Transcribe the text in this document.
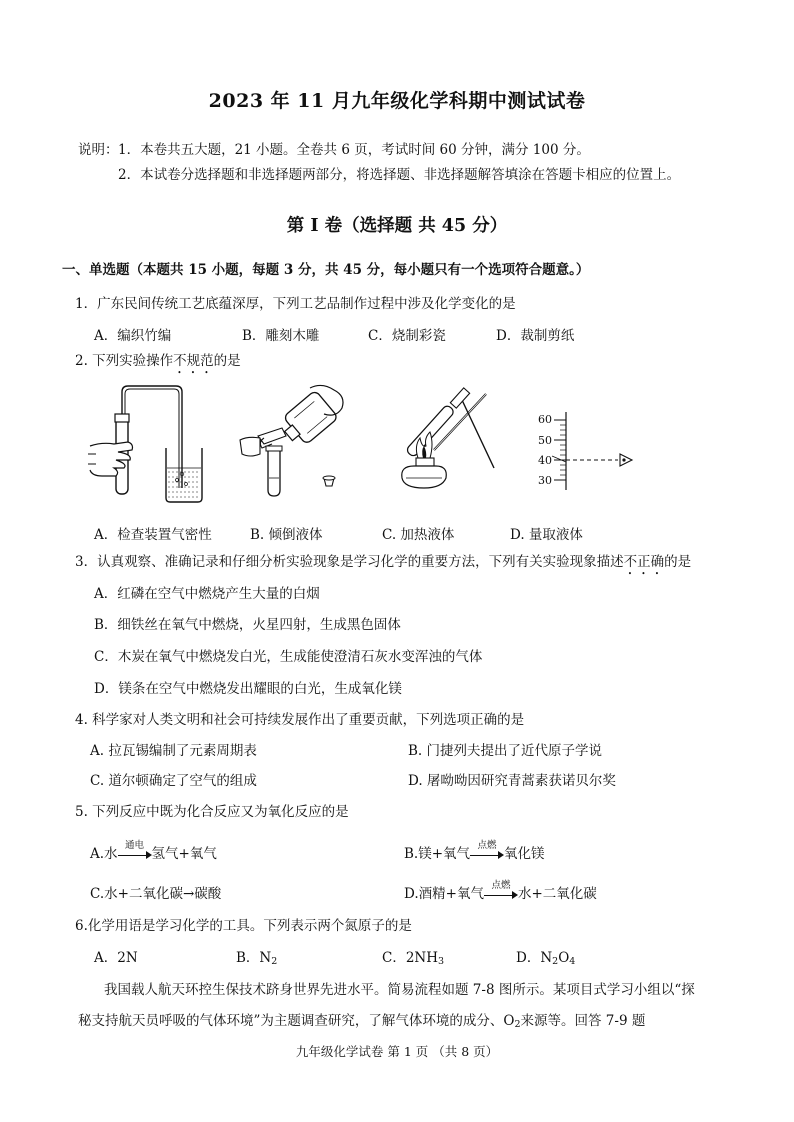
2023 年 11 月九年级化学科期中测试试卷
说明： 1．本卷共五大题，21 小题。全卷共 6 页，考试时间 60 分钟，满分 100 分。
2．本试卷分选择题和非选择题两部分，将选择题、非选择题解答填涂在答题卡相应的位置上。
第 I 卷（选择题 共 45 分）
一、单选题（本题共 15 小题，每题 3 分，共 45 分，每小题只有一个选项符合题意。）
1．广东民间传统工艺底蕴深厚，下列工艺品制作过程中涉及化学变化的是
A．编织竹编	B．雕刻木雕	C．烧制彩瓷	D．裁制剪纸
2. 下列实验操作不规范的是
60
50
40
30
A．检查装置气密性	B. 倾倒液体	C. 加热液体	D. 量取液体
3．认真观察、准确记录和仔细分析实验现象是学习化学的重要方法，下列有关实验现象描述不正确的是
A．红磷在空气中燃烧产生大量的白烟
B．细铁丝在氧气中燃烧，火星四射，生成黑色固体
C．木炭在氧气中燃烧发白光，生成能使澄清石灰水变浑浊的气体
D．镁条在空气中燃烧发出耀眼的白光，生成氧化镁
4. 科学家对人类文明和社会可持续发展作出了重要贡献，下列选项正确的是
A. 拉瓦锡编制了元素周期表	B. 门捷列夫提出了近代原子学说
C. 道尔顿确定了空气的组成	D. 屠呦呦因研究青蒿素获诺贝尔奖
5. 下列反应中既为化合反应又为氧化反应的是
A.水
通电
氢气+氧气	B.镁+氧气
点燃
氧化镁
C.水+二氧化碳→碳酸	D.酒精+氧气
点燃
水+二氧化碳
6.化学用语是学习化学的工具。下列表示两个氮原子的是
A．2N	B．$N_2$	C．$2NH_3$	D．$N_2O_4$
我国载人航天环控生保技术跻身世界先进水平。简易流程如题 7-8 图所示。某项目式学习小组以“探
秘支持航天员呼吸的气体环境”为主题调查研究，了解气体环境的成分、$O_2$来源等。回答 7-9 题
九年级化学试卷 第 1 页 （共 8 页）
